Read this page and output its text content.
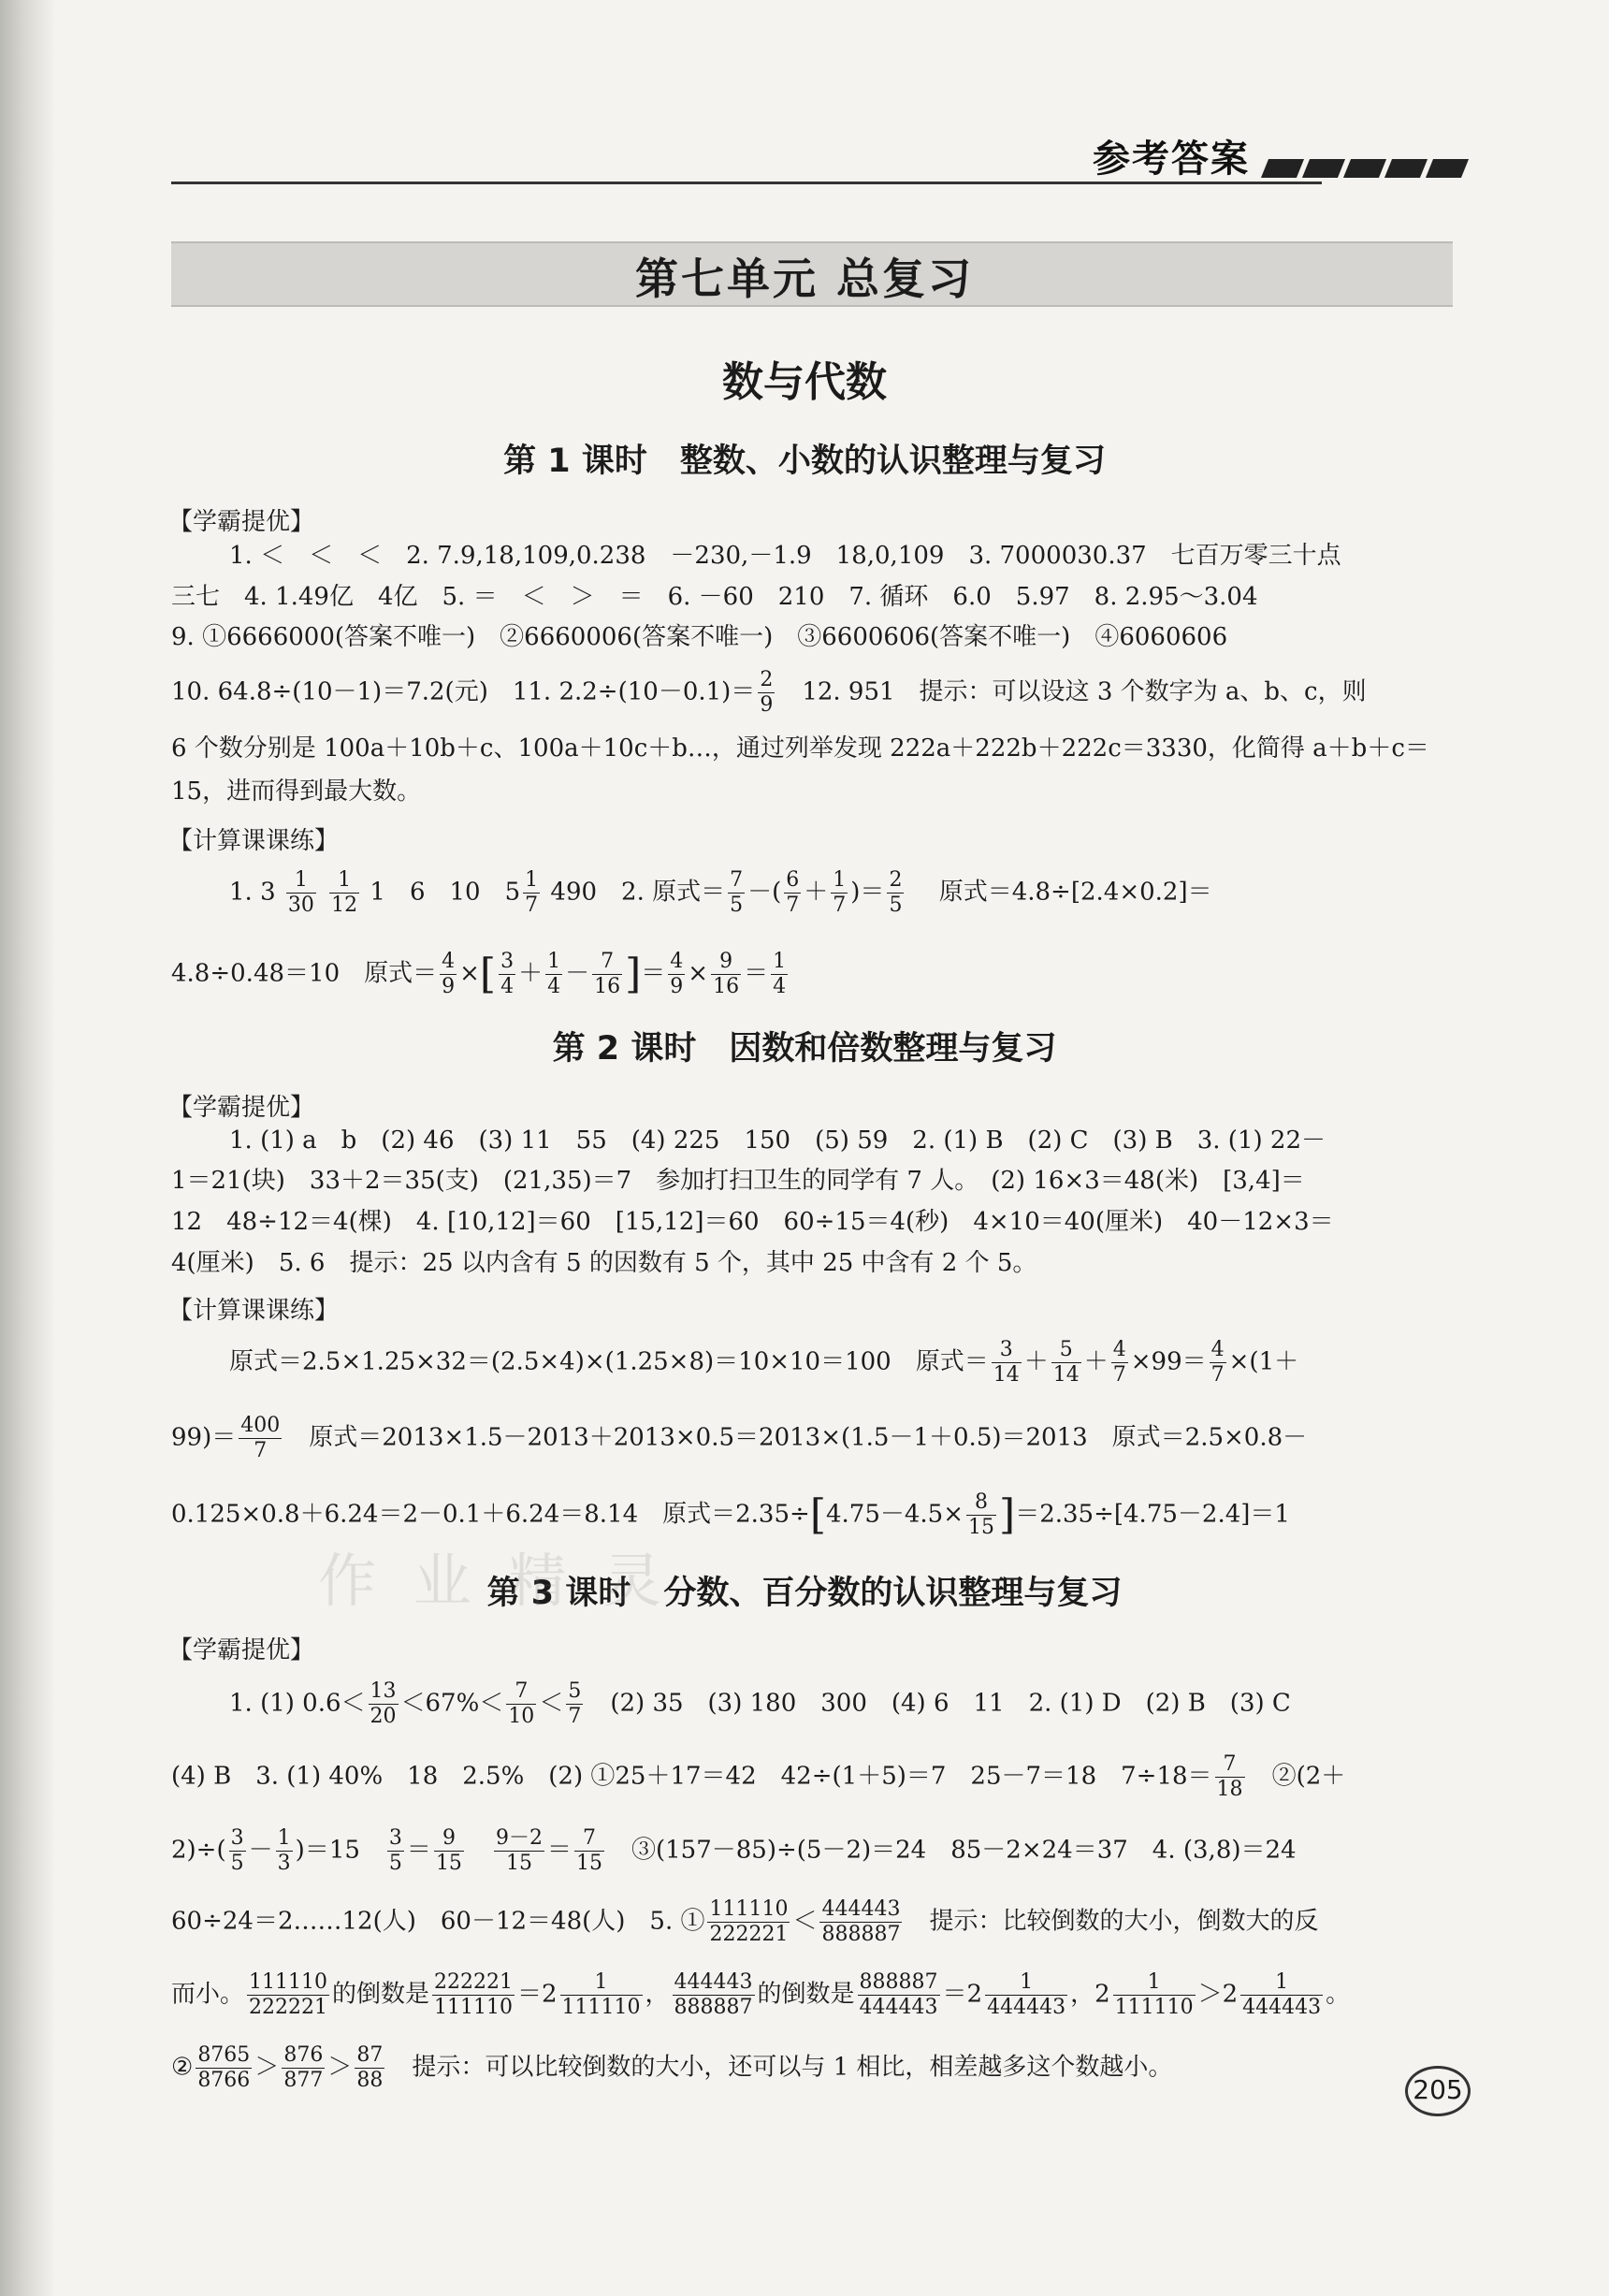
参考答案
第七单元 总复习
数与代数
第 1 课时　整数、小数的认识整理与复习
【学霸提优】
1. ＜　＜　＜　2. 7.9,18,109,0.238　－230,－1.9　18,0,109　3. 7000030.37　七百万零三十点
三七　4. 1.49亿　4亿　5. ＝　＜　＞　＝　6. －60　210　7. 循环　6.0　5.97　8. 2.95～3.04
9. ①6666000(答案不唯一)　②6660006(答案不唯一)　③6600606(答案不唯一)　④6060606
10. 64.8÷(10－1)＝7.2(元)　11. $2.2\div(10-0.1)= \frac{2}{9}$ 　12. 951　提示：可以设这 3 个数字为 a、b、c，则
6 个数分别是 100a＋10b＋c、100a＋10c＋b…，通过列举发现 222a＋222b＋222c＝3330，化简得 a＋b＋c＝
15，进而得到最大数。
【计算课课练】
1. $3 \frac{1}{30}$
$\frac{1}{12} 1$　6　10　$5 \frac{1}{7} 490$　2. 原式＝ $\frac{7}{5}$ －( $\frac{6}{7} + \frac{1}{7}$ )＝ $\frac{2}{5}$
　 原式＝4.8÷[2.4×0.2]＝
4.8÷0.48＝10　原式＝ $\frac{4}{9}$ ×[ $\frac{3}{4} + \frac{1}{4} - \frac{7}{16}$ ]＝ $\frac{4}{9} \times \frac{9}{16} = \frac{1}{4}$
第 2 课时　因数和倍数整理与复习
【学霸提优】
1. (1) a　b　(2) 46　(3) 11　55　(4) 225　150　(5) 59　2. (1) B　(2) C　(3) B　3. (1) 22－
1＝21(块)　33＋2＝35(支)　(21,35)＝7　参加打扫卫生的同学有 7 人。　(2) 16×3＝48(米)　[3,4]＝
12　48÷12＝4(棵)　4. [10,12]＝60　[15,12]＝60　60÷15＝4(秒)　4×10＝40(厘米)　40－12×3＝
4(厘米)　5. 6　提示：25 以内含有 5 的因数有 5 个，其中 25 中含有 2 个 5。
【计算课课练】
原式＝2.5×1.25×32＝(2.5×4)×(1.25×8)＝10×10＝100　原式＝ $\frac{3}{14} + \frac{5}{14} + \frac{4}{7} \times 99= \frac{4}{7} \times(1+$
$99)= \frac{400}{7}$
　 原式＝2013×1.5－2013＋2013×0.5＝2013×(1.5－1＋0.5)＝2013　原式＝2.5×0.8－
0.125×0.8＋6.24＝2－0.1＋6.24＝8.14　原式$=2.35\div[4.75-4.5\times \frac{8}{15} ]=2.35\div[4.75-2.4]=1$
第 3 课时　分数、百分数的认识整理与复习
【学霸提优】
1. (1) $0.6< \frac{13}{20} <67\%< \frac{7}{10} < \frac{5}{7}$
　 (2) 35　(3) 180　300　(4) 6　11　2. (1) D　(2) B　(3) C
(4) B　3. (1) 40%　18　2.5%　(2) ①25＋17＝42　42÷(1＋5)＝7　25－7＝18　$7\div 18= \frac{7}{18}$
　 ②(2＋
$2)\div( \frac{3}{5} - \frac{1}{3} )=15$　 $\frac{3}{5} = \frac{9}{15}$
　 $\frac{9-2}{15} = \frac{7}{15}$
　 ③(157－85)÷(5－2)＝24　85－2×24＝37　4. (3,8)＝24
60÷24＝2……12(人)　60－12＝48(人)　5. ① $\frac{111110}{222221} < \frac{444443}{888887}$
　 提示：比较倒数的大小，倒数大的反
而小。 $\frac{111110}{222221}$ 的倒数是 $\frac{222221}{111110} =2 \frac{1}{111110}$ ， $\frac{444443}{888887}$ 的倒数是 $\frac{888887}{444443} =2 \frac{1}{444443}$ ，$2 \frac{1}{111110} >2 \frac{1}{444443}$ 。
② $\frac{8765}{8766} > \frac{876}{877} > \frac{87}{88}$
　 提示：可以比较倒数的大小，还可以与 1 相比，相差越多这个数越小。
作 业 精 灵
205
